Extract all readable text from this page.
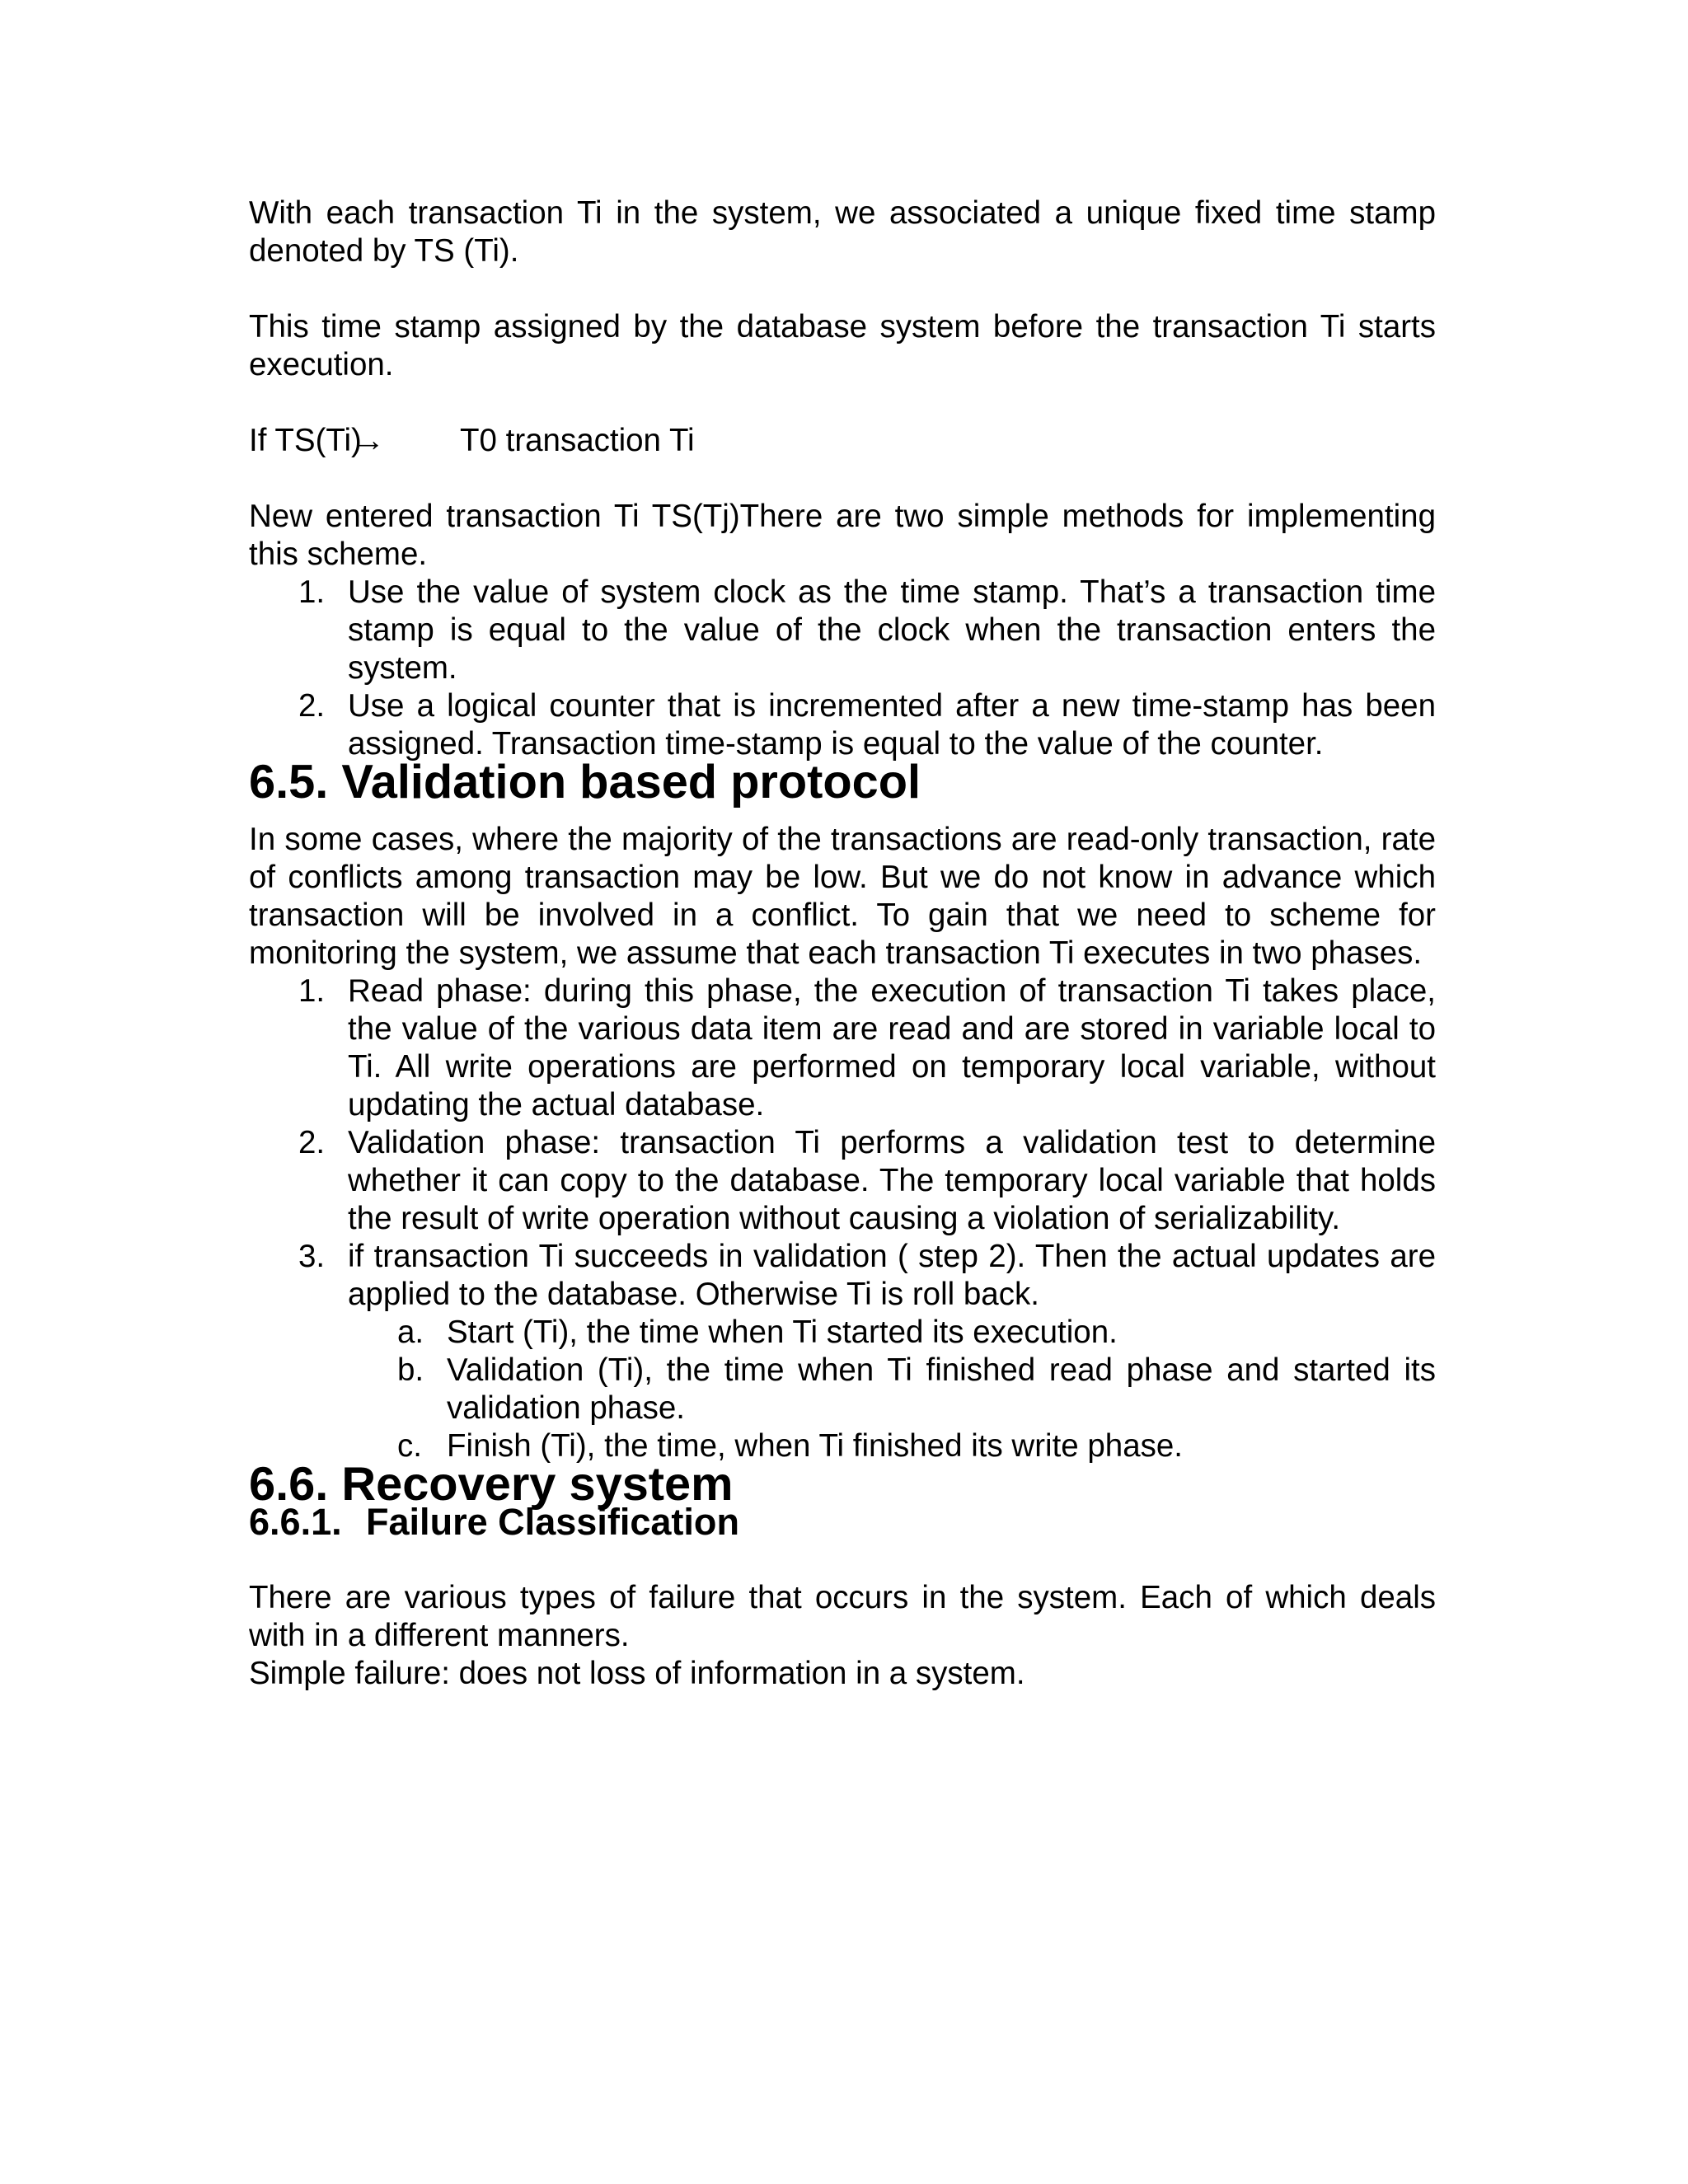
With each transaction Ti in the system, we associated a unique fixed time stamp denoted by TS (Ti).

This time stamp assigned by the database system before the transaction Ti starts execution.

If TS(Ti)→ T0 transaction Ti

New entered transaction Ti TS(Tj)There are two simple methods for implementing this scheme.

1. Use the value of system clock as the time stamp. That’s a transaction time stamp is equal to the value of the clock when the transaction enters the system.
2. Use a logical counter that is incremented after a new time-stamp has been assigned. Transaction time-stamp is equal to the value of the counter.
6.5. Validation based protocol

In some cases, where the majority of the transactions are read-only transaction, rate of conflicts among transaction may be low. But we do not know in advance which transaction will be involved in a conflict. To gain that we need to scheme for monitoring the system, we assume that each transaction Ti executes in two phases.

1. Read phase: during this phase, the execution of transaction Ti takes place, the value of the various data item are read and are stored in variable local to Ti. All write operations are performed on temporary local variable, without updating the actual database.
2. Validation phase: transaction Ti performs a validation test to determine whether it can copy to the database. The temporary local variable that holds the result of write operation without causing a violation of serializability.
3. if transaction Ti succeeds in validation ( step 2). Then the actual updates are applied to the database. Otherwise Ti is roll back.
a. Start (Ti), the time when Ti started its execution.
b. Validation (Ti), the time when Ti finished read phase and started its validation phase.
c. Finish (Ti), the time, when Ti finished its write phase.
6.6. Recovery system
6.6.1. Failure Classification

There are various types of failure that occurs in the system. Each of which deals with in a different manners.

Simple failure: does not loss of information in a system.
